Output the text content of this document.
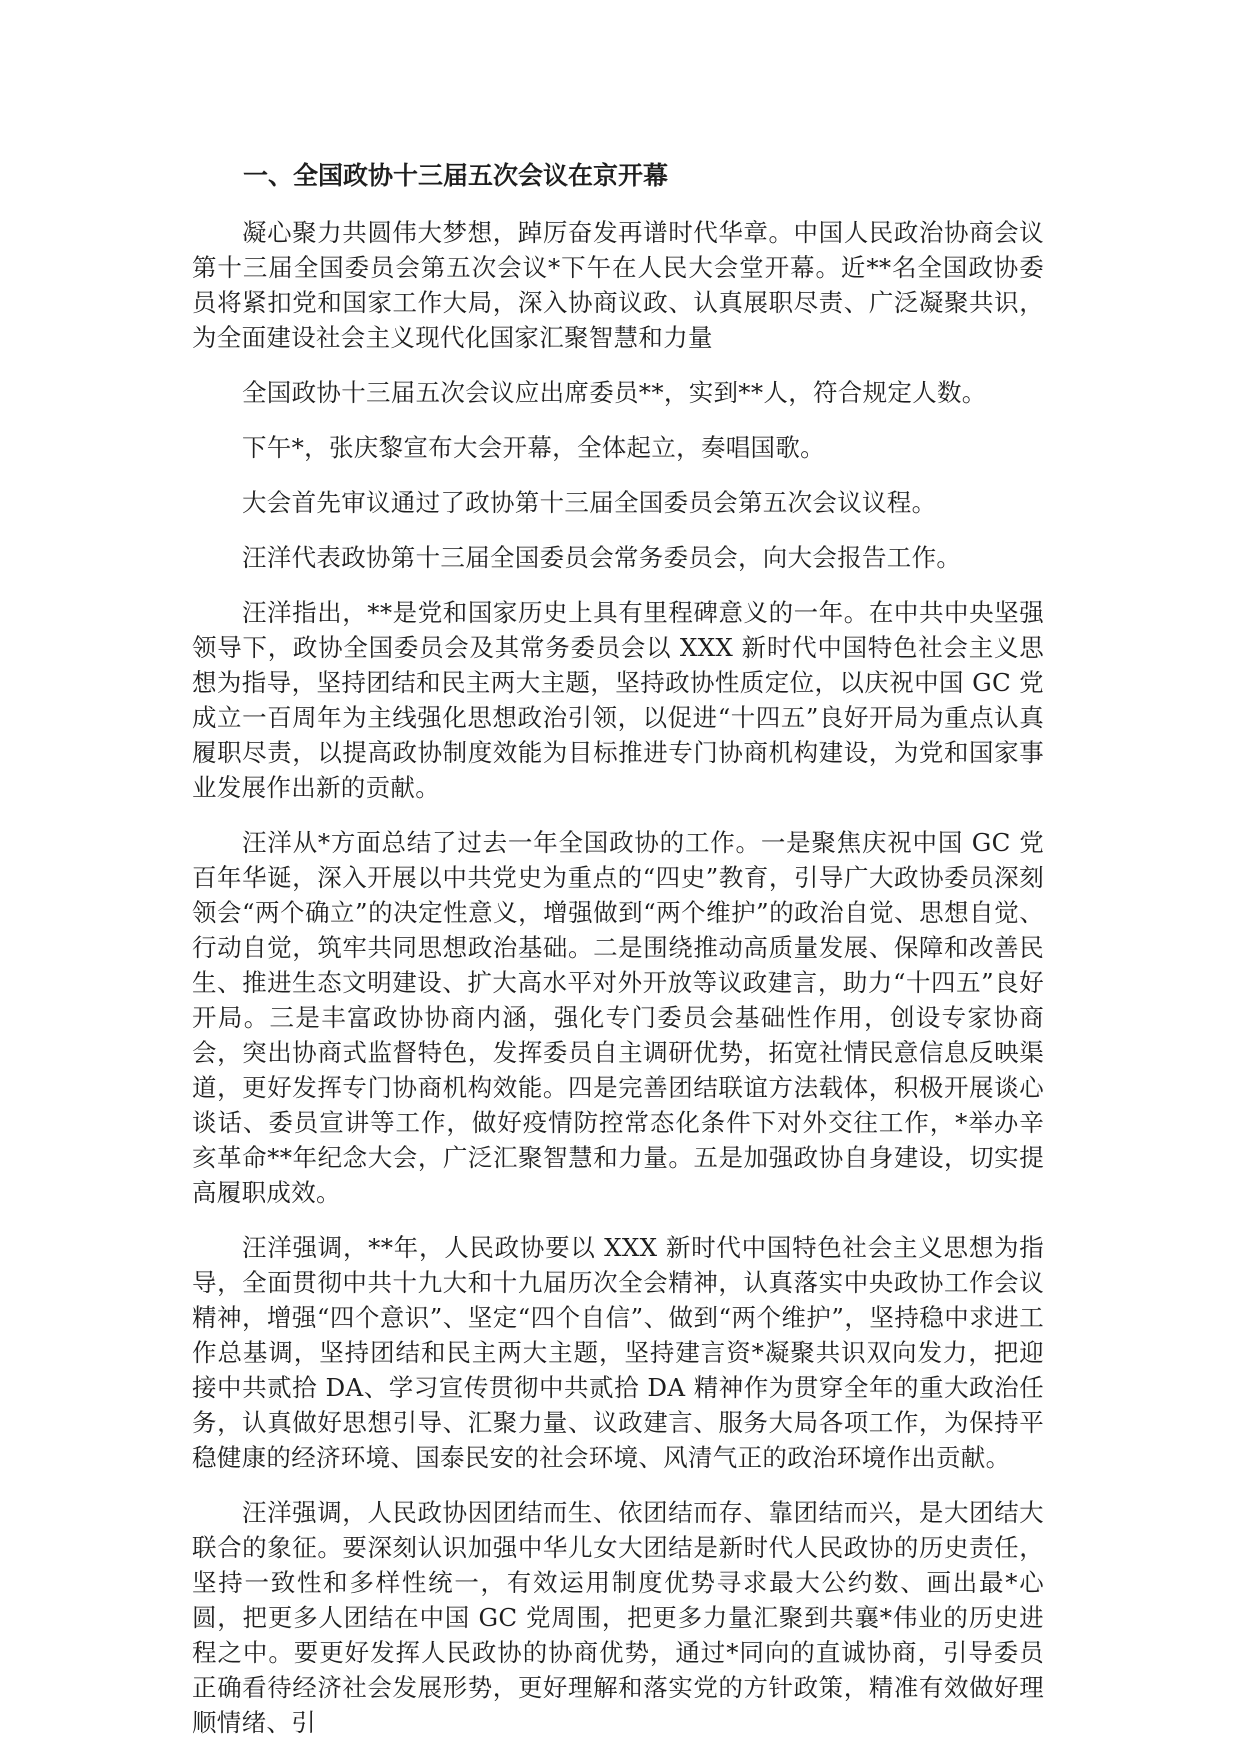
一、全国政协十三届五次会议在京开幕

凝心聚力共圆伟大梦想，踔厉奋发再谱时代华章。中国人民政治协商会议第十三届全国委员会第五次会议*下午在人民大会堂开幕。近**名全国政协委员将紧扣党和国家工作大局，深入协商议政、认真展职尽责、广泛凝聚共识，为全面建设社会主义现代化国家汇聚智慧和力量

全国政协十三届五次会议应出席委员**，实到**人，符合规定人数。

下午*，张庆黎宣布大会开幕，全体起立，奏唱国歌。

大会首先审议通过了政协第十三届全国委员会第五次会议议程。

汪洋代表政协第十三届全国委员会常务委员会，向大会报告工作。

汪洋指出，**是党和国家历史上具有里程碑意义的一年。在中共中央坚强领导下，政协全国委员会及其常务委员会以 XXX 新时代中国特色社会主义思想为指导，坚持团结和民主两大主题，坚持政协性质定位，以庆祝中国 GC 党成立一百周年为主线强化思想政治引领，以促进“十四五”良好开局为重点认真履职尽责，以提高政协制度效能为目标推进专门协商机构建设，为党和国家事业发展作出新的贡献。

汪洋从*方面总结了过去一年全国政协的工作。一是聚焦庆祝中国 GC 党百年华诞，深入开展以中共党史为重点的“四史”教育，引导广大政协委员深刻领会“两个确立”的决定性意义，增强做到“两个维护”的政治自觉、思想自觉、行动自觉，筑牢共同思想政治基础。二是围绕推动高质量发展、保障和改善民生、推进生态文明建设、扩大高水平对外开放等议政建言，助力“十四五”良好开局。三是丰富政协协商内涵，强化专门委员会基础性作用，创设专家协商会，突出协商式监督特色，发挥委员自主调研优势，拓宽社情民意信息反映渠道，更好发挥专门协商机构效能。四是完善团结联谊方法载体，积极开展谈心谈话、委员宣讲等工作，做好疫情防控常态化条件下对外交往工作，*举办辛亥革命**年纪念大会，广泛汇聚智慧和力量。五是加强政协自身建设，切实提高履职成效。

汪洋强调，**年，人民政协要以 XXX 新时代中国特色社会主义思想为指导，全面贯彻中共十九大和十九届历次全会精神，认真落实中央政协工作会议精神，增强“四个意识”、坚定“四个自信”、做到“两个维护”，坚持稳中求进工作总基调，坚持团结和民主两大主题，坚持建言资*凝聚共识双向发力，把迎接中共贰拾 DA、学习宣传贯彻中共贰拾 DA 精神作为贯穿全年的重大政治任务，认真做好思想引导、汇聚力量、议政建言、服务大局各项工作，为保持平稳健康的经济环境、国泰民安的社会环境、风清气正的政治环境作出贡献。

汪洋强调，人民政协因团结而生、依团结而存、靠团结而兴，是大团结大联合的象征。要深刻认识加强中华儿女大团结是新时代人民政协的历史责任，坚持一致性和多样性统一，有效运用制度优势寻求最大公约数、画出最*心圆，把更多人团结在中国 GC 党周围，把更多力量汇聚到共襄*伟业的历史进程之中。要更好发挥人民政协的协商优势，通过*同向的直诚协商，引导委员正确看待经济社会发展形势，更好理解和落实党的方针政策，精准有效做好理顺情绪、引
